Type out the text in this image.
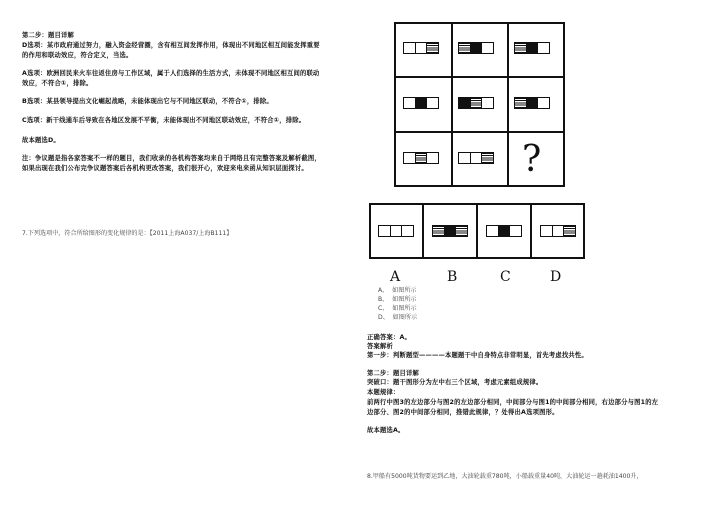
第二步：题目详解
D选项：某市政府通过努力，融入资金经营圈，含有相互间发挥作用，体现出不同地区相互间能发挥重要
的作用和联动效应，符合定义，当选。
A选项：欧洲回民来火车往返住房与工作区域，属于人们选择的生活方式，未体现不同地区相互间的联动
效应，不符合①，排除。
B选项：某县领导提出文化崛起战略，未能体现出它与不同地区联动，不符合①，排除。
C选项：新干线通车后导致在各地区发展不平衡，未能体现出不同地区联动效应，不符合①，排除。
故本题选D。
注：争议题是指各家答案不一样的题目，我们收录的各机构答案均来自于网络且有完整答案及解析截图，
如果出现在我们公布完争议题答案后各机构更改答案，我们很开心，欢迎来电来函从知识层面探讨。
7.下列选项中，符合所给图形的变化规律的是：【2011上海A037/上海B111】
?
A	B	C	D
A、 如图所示
B、 如图所示
C、 如图所示
D、 如图所示
正确答案：A。
答案解析
第一步：判断题型————本题题干中自身特点非常明显，首先考虑找共性。
第二步：题目详解
突破口：题干图形分为左中右三个区域，考虑元素组成规律。
本题规律：
前两行中图3的左边部分与图2的左边部分相同，中间部分与图1的中间部分相同，右边部分与图1的左
边部分、图2的中间部分相同，推错此规律，？处得出A选项图形。
故本题选A。
8.甲船有5000吨货物要运到乙地，大油轮载重780吨，小船载重量40吨，大油轮运一趟耗油1400升，
